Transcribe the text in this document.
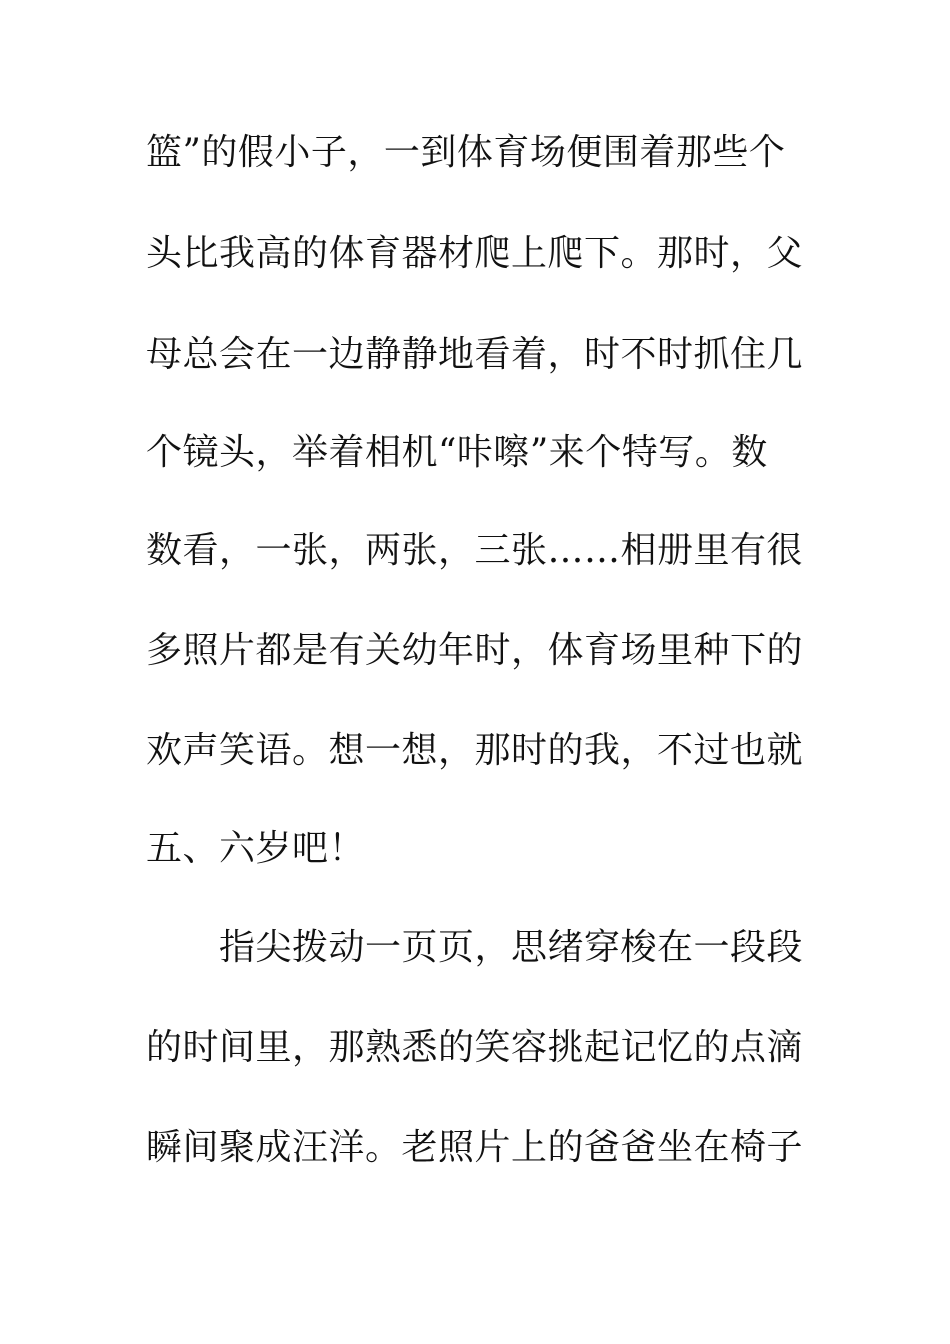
篮”的假小子，一到体育场便围着那些个
头比我高的体育器材爬上爬下。那时，父
母总会在一边静静地看着，时不时抓住几
个镜头，举着相机“咔嚓”来个特写。数
数看，一张，两张，三张……相册里有很
多照片都是有关幼年时，体育场里种下的
欢声笑语。想一想，那时的我，不过也就
五、六岁吧！
指尖拨动一页页，思绪穿梭在一段段
的时间里，那熟悉的笑容挑起记忆的点滴
瞬间聚成汪洋。老照片上的爸爸坐在椅子
